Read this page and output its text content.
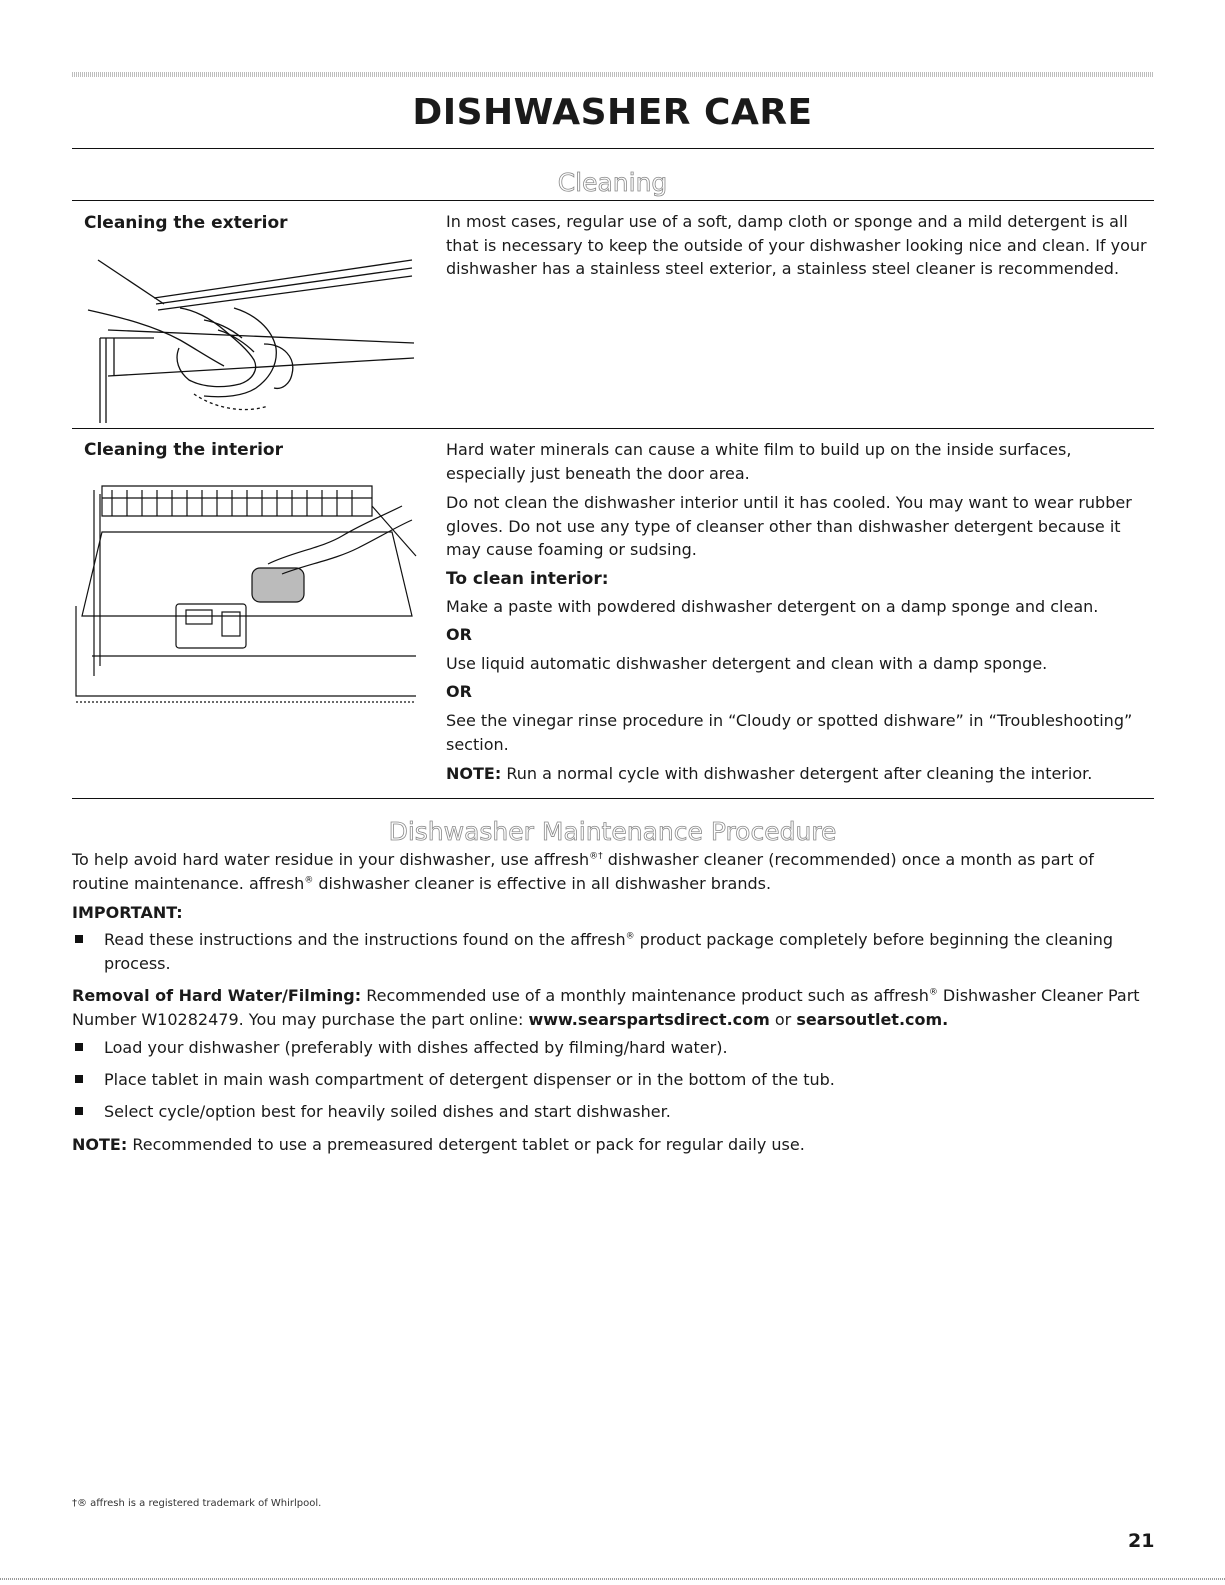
DISHWASHER CARE
Cleaning
Cleaning the exterior	In most cases, regular use of a soft, damp cloth or sponge and a mild detergent is all that is necessary to keep the outside of your dishwasher looking nice and clean. If your dishwasher has a stainless steel exterior, a stainless steel cleaner is recommended.
Cleaning the interior	Hard water minerals can cause a white film to build up on the inside surfaces, especially just beneath the door area.

Do not clean the dishwasher interior until it has cooled. You may want to wear rubber gloves. Do not use any type of cleanser other than dishwasher detergent because it may cause foaming or sudsing.

To clean interior:

Make a paste with powdered dishwasher detergent on a damp sponge and clean.

OR

Use liquid automatic dishwasher detergent and clean with a damp sponge.

OR

See the vinegar rinse procedure in “Cloudy or spotted dishware” in “Troubleshooting” section.

NOTE: Run a normal cycle with dishwasher detergent after cleaning the interior.

Dishwasher Maintenance Procedure
To help avoid hard water residue in your dishwasher, use affresh®† dishwasher cleaner (recommended) once a month as part of routine maintenance. affresh® dishwasher cleaner is effective in all dishwasher brands.
IMPORTANT:
Read these instructions and the instructions found on the affresh® product package completely before beginning the cleaning process.
Removal of Hard Water/Filming: Recommended use of a monthly maintenance product such as affresh® Dishwasher Cleaner Part Number W10282479. You may purchase the part online: www.searspartsdirect.com or searsoutlet.com.
Load your dishwasher (preferably with dishes affected by filming/hard water).
Place tablet in main wash compartment of detergent dispenser or in the bottom of the tub.
Select cycle/option best for heavily soiled dishes and start dishwasher.
NOTE: Recommended to use a premeasured detergent tablet or pack for regular daily use.
†® affresh is a registered trademark of Whirlpool.
21
